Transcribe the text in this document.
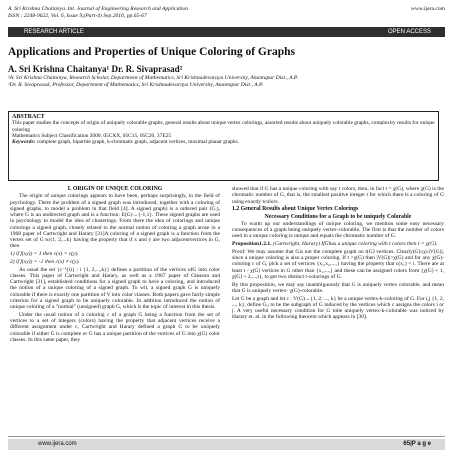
A. Sri Krishna Chaitanya. Int. Journal of Engineering Research and Application	www.ijera.com
ISSN : 2248-9622, Vol. 6, Issue 9,(Part-4) Sep.2016, pp.65-67
RESEARCH ARTICLE	OPEN ACCESS
Applications and Properties of Unique Coloring of Graphs
A. Sri Krishna Chaitanya¹ Dr. R. Sivaprasad²
¹A. Sri Krishna Chaitanya, Research Scholar, Department of Mathematics, Sri Krishnadevaraya University, Anantapur Dist., A.P.
²Dr. R. Sivaprasad, Professor, Department of Mathematics, Sri Krishnadevaraya University, Anantapur Dist., A.P.
ABSTRACT
This paper studies the concepts of origin of uniquely colorable graphs, general results about unique vertex colorings, assorted results about uniquely colorable graphs, complexity results for unique coloring
Mathematics Subject Classification 2000: 05CXX, 05C15, 05C20, 37E25
Keywords: complete graph, bipartite graph, k-chromatic graph, adjacent vertices, maximal planar graphs.
I. ORIGIN OF UNIQUE COLORING

The origin of unique colorings appears to have been, perhaps surprisingly, in the field of psychology. There the problem of a signed graph was introduced, together with a coloring of signed graphs, to model a problem in that field [4]. A signed graph) is a ordered pair (G,), where G is an undirected graph and is a function: E(G)→{-1,1}. These signed graphs are used in psychology to model the idea of clusterings. From there the idea of colorings and unique colorings a signed graph, closely related to the normal notion of coloring a graph arose in a 1968 paper of Cartwright and Harary [31]A coloring of a signed graph is a function from the vertex set of G to{1, 2,...k} having the property that if x and y are two adjacentvertices in G, then

1) if f(xy)) = 1 then c(x) = c(y).

2) if f(xy)) = -1 then c(x) ≠ c(y).

As usual the set {c⁻¹(i)} : i {1, 2,...,k}} defines a partition of the vertices ofG into color classes. This paper of Cartwright and Harary, as well as a 1967 paper of Gleason and Cartwright [31], established conditions for a signed graph to have a coloring, and introduced the notion of a unique coloring of a signed graph. To wit, a signed graph G is uniquely colorable if there is exactly one partition of V into color classes. Both papers gave fairly simple criterion for a signed graph to be uniquely colorable. In addition introduced the notion of unique coloring of a "normal" (unsigned) graph G, which is the topic of interest in this thesis.

Under the usual notion of a coloring c of a graph G being a function from the set of vertices to a set of integers (colors) having the property that adjacent vertices receive a different assignment under c, Cartwright and Harary defined a graph G to be uniquely colorable if either G is complete or G has a unique partition of the vertices of G into χ(G) color classes. In this same paper, they

showed that if G has a unique coloring with say t colors, then, in fact t = χ(G), where χ(G) is the chromatic number of G, that is, the smallest positive integer t for which there is a coloring of G using exactly tcolors.

1.2 General Results about Unique Vertex Colorings
Necessary Conditions for a Graph to be uniquely Colorable

To warm up our understandings of unique coloring, we mention some easy necessary consequences of a graph being uniquely vertex-colorable. The first is that the number of colors used in a unique coloring is unique and equals the chromatic number of G.

Proposition1.2.1. (Cartwright, Harary) IfGhas a unique coloring with t colors then t = χ(G).

Proof: We may assume that Gis not the complete graph on t(G) vertices. Clearly(G)≥χ≤|V(G)|, since a unique coloring is also a proper coloring. If t >χ(G) then |V(G)|>χ(G) and for any χ(G)-coloring c of G, pick a set of vertices {x₁,x₂,...,} having the property that c(x₁) = i. There are at least t - χ(G) vertices in G other than {x₁,...,} and these can be assigned colors from {χ(G) + 1, χ(G) + 2,...,t}, to get two distinct t-colorings of G.

By this proposition, we may say unambiguously that G is uniquely vertex colorable, and mean that G is uniquely vertex- χ(G)-colorable.

Let G be a graph and let c : V(G)→{1, 2, ..., k} be a unique vertex-k-coloring of G. For i,j {1, 2, ..., k}, define Gᵢⱼ to be the subgraph of G induced by the vertices which c assigns the colors i or j. A very useful necessary condition for G tobe uniquely vertex-k-colorable was noticed by Harary et. al. in the following theorem which appears in [30].

www.ijera.com	65|P a g e
